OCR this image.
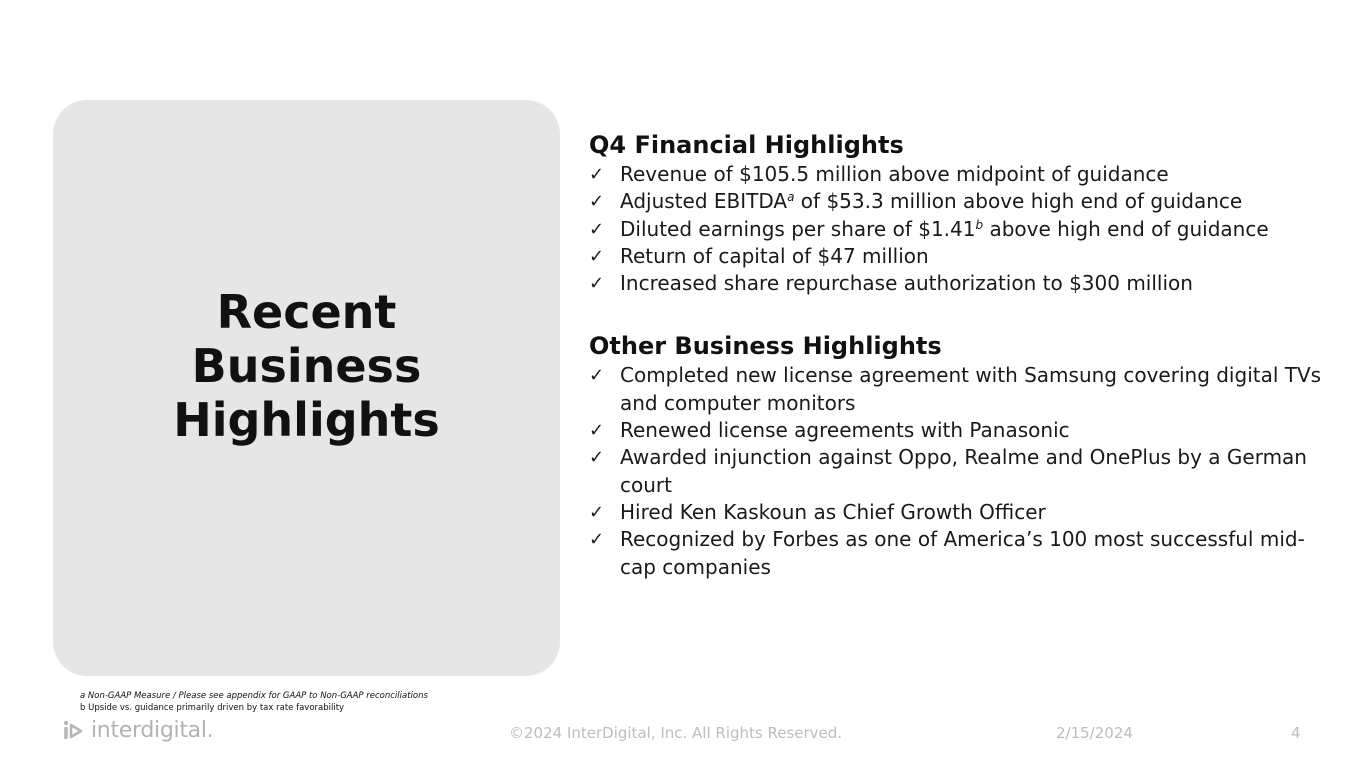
Recent
Business
Highlights
Q4 Financial Highlights
✓ Revenue of $105.5 million above midpoint of guidance
✓ Adjusted EBITDA$^a$ of $53.3 million above high end of guidance
✓ Diluted earnings per share of $1.41$^b$ above high end of guidance
✓ Return of capital of $47 million
✓ Increased share repurchase authorization to $300 million
Other Business Highlights
✓ Completed new license agreement with Samsung covering digital TVs and computer monitors
✓ Renewed license agreements with Panasonic
✓ Awarded injunction against Oppo, Realme and OnePlus by a German court
✓ Hired Ken Kaskoun as Chief Growth Officer
✓ Recognized by Forbes as one of America’s 100 most successful mid-cap companies
a Non-GAAP Measure / Please see appendix for GAAP to Non-GAAP reconciliations
b Upside vs. guidance primarily driven by tax rate favorability
interdigital.	©2024 InterDigital, Inc. All Rights Reserved.	2/15/2024	4
